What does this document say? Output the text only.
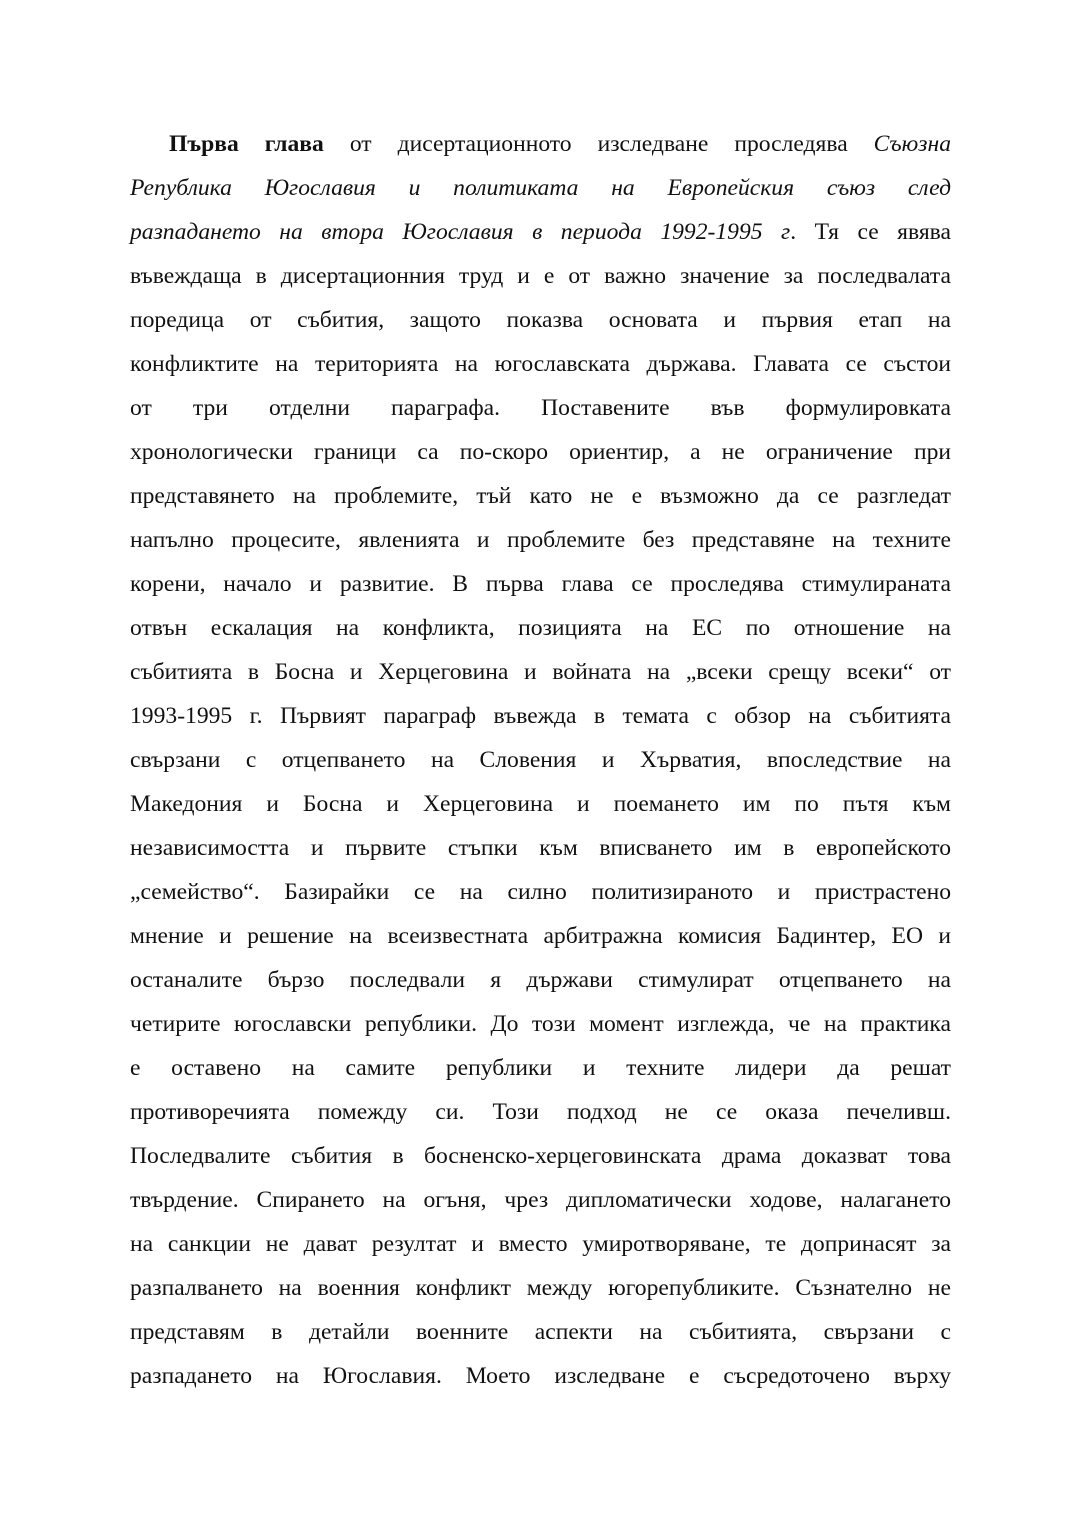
Първа глава от дисертационното изследване проследява Съюзна
Република Югославия и политиката на Европейския съюз след
разпадането на втора Югославия в периода 1992-1995 г. Тя се явява
въвеждаща в дисертационния труд и е от важно значение за последвалата
поредица от събития, защото показва основата и първия етап на
конфликтите на територията на югославската държава. Главата се състои
от три отделни параграфа. Поставените във формулировката
хронологически граници са по-скоро ориентир, а не ограничение при
представянето на проблемите, тъй като не е възможно да се разгледат
напълно процесите, явленията и проблемите без представяне на техните
корени, начало и развитие. В първа глава се проследява стимулираната
отвън ескалация на конфликта, позицията на ЕС по отношение на
събитията в Босна и Херцеговина и войната на „всеки срещу всеки“ от
1993-1995 г. Първият параграф въвежда в темата с обзор на събитията
свързани с отцепването на Словения и Хърватия, впоследствие на
Македония и Босна и Херцеговина и поемането им по пътя към
независимостта и първите стъпки към вписването им в европейското
„семейство“. Базирайки се на силно политизираното и пристрастено
мнение и решение на всеизвестната арбитражна комисия Бадинтер, ЕО и
останалите бързо последвали я държави стимулират отцепването на
четирите югославски републики. До този момент изглежда, че на практика
е оставено на самите републики и техните лидери да решат
противоречията помежду си. Този подход не се оказа печеливш.
Последвалите събития в босненско-херцеговинската драма доказват това
твърдение. Спирането на огъня, чрез дипломатически ходове, налагането
на санкции не дават резултат и вместо умиротворяване, те допринасят за
разпалването на военния конфликт между югорепубликите. Съзнателно не
представям в детайли военните аспекти на събитията, свързани с
разпадането на Югославия. Моето изследване е съсредоточено върху
